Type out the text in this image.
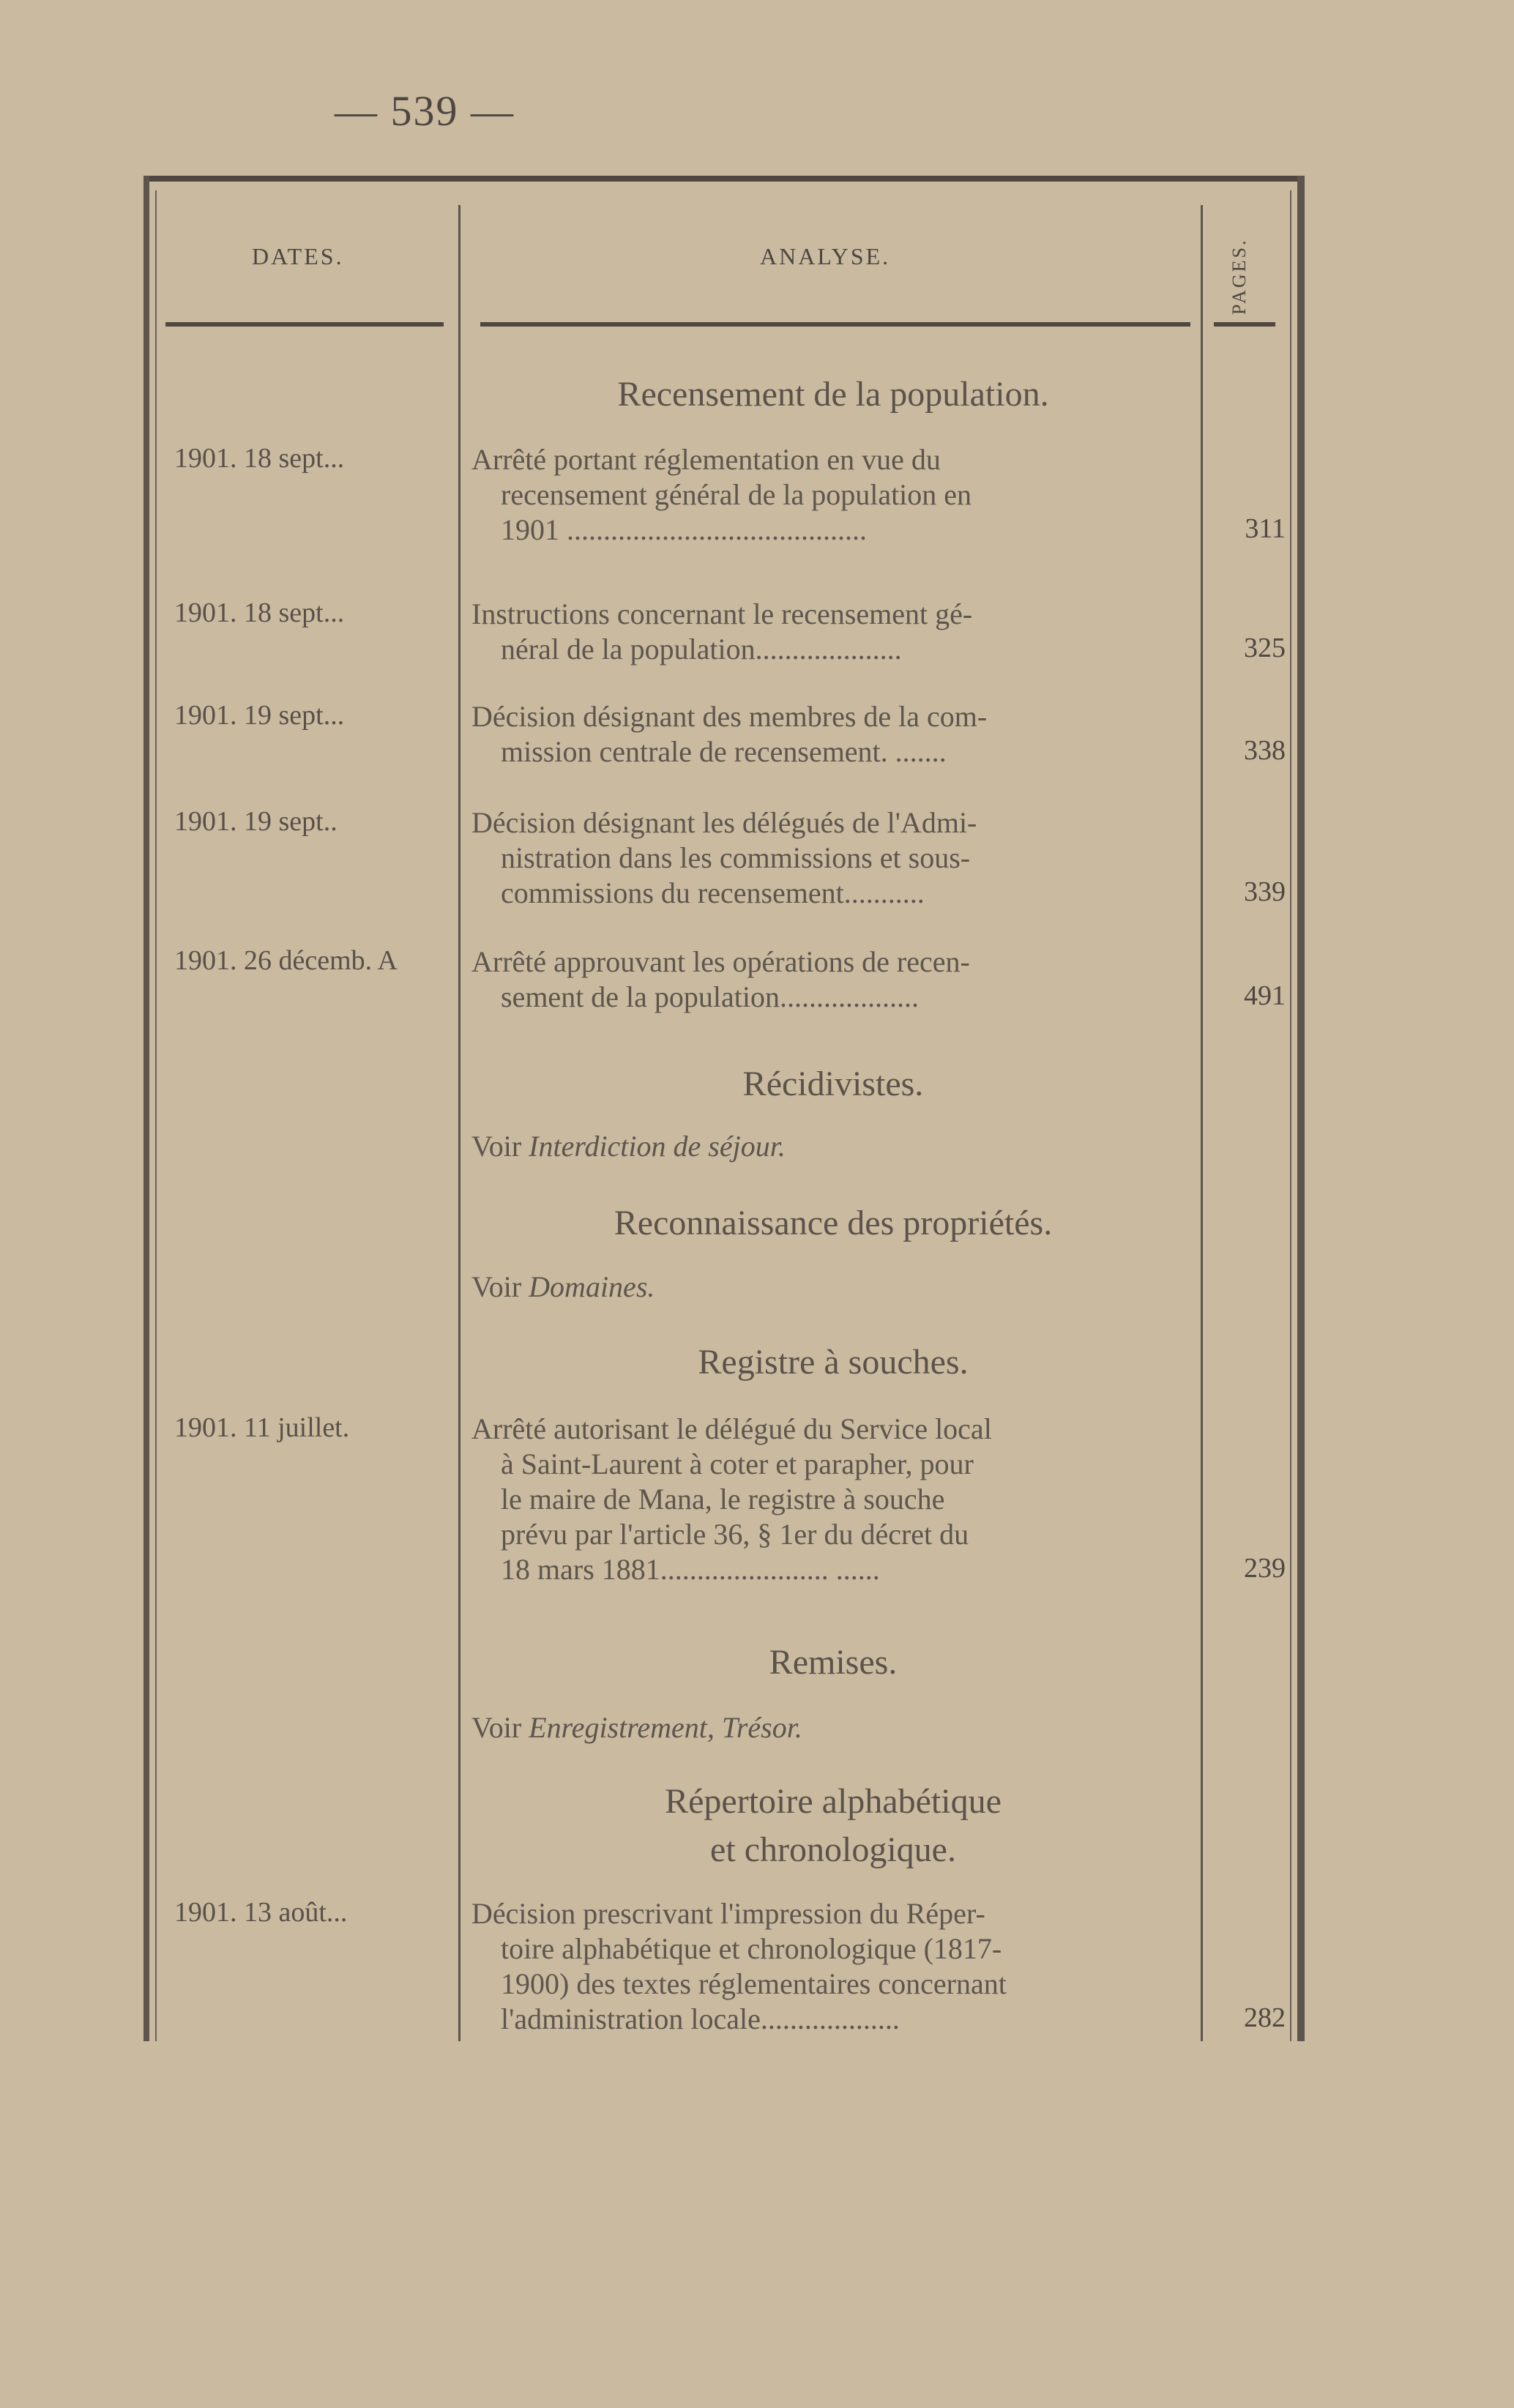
— 539 —
DATES.	ANALYSE.	PAGES.
Recensement de la population.
1901. 18 sept...	Arrêté portant réglementation en vue du
recensement général de la population en
1901 .........................................	311
1901. 18 sept...	Instructions concernant le recensement gé-
néral de la population....................	325
1901. 19 sept...	Décision désignant des membres de la com-
mission centrale de recensement. .......	338
1901. 19 sept..	Décision désignant les délégués de l'Admi-
nistration dans les commissions et sous-
commissions du recensement...........	339
1901. 26 décemb. A	Arrêté approuvant les opérations de recen-
sement de la population...................	491
Récidivistes.
Voir Interdiction de séjour.
Reconnaissance des propriétés.
Voir Domaines.
Registre à souches.
1901. 11 juillet.	Arrêté autorisant le délégué du Service local
à Saint-Laurent à coter et parapher, pour
le maire de Mana, le registre à souche
prévu par l'article 36, § 1er du décret du
18 mars 1881....................... ......	239
Remises.
Voir Enregistrement, Trésor.
Répertoire alphabétique
et chronologique.
1901. 13 août...	Décision prescrivant l'impression du Réper-
toire alphabétique et chronologique (1817-
1900) des textes réglementaires concernant
l'administration locale...................	282
